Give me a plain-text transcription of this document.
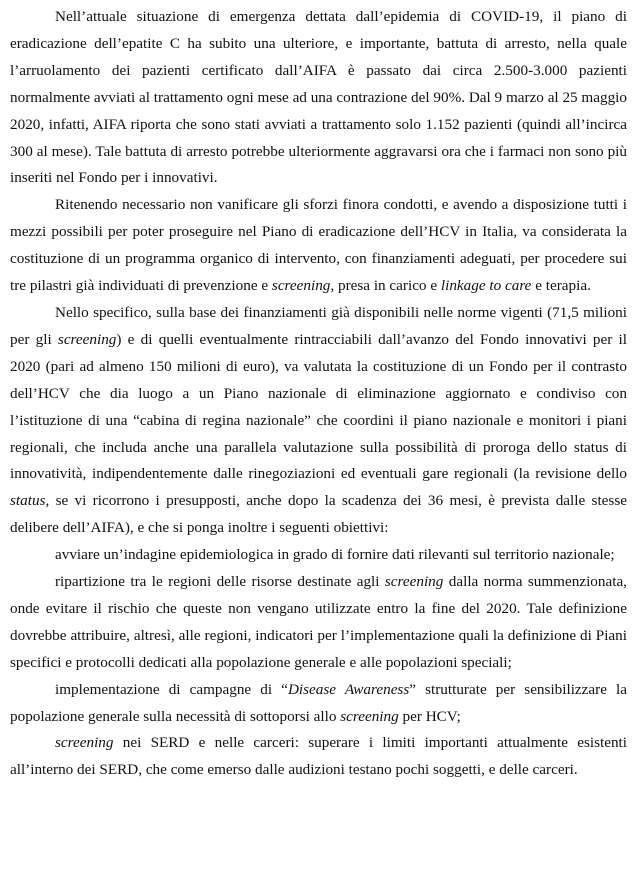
Nell’attuale situazione di emergenza dettata dall’epidemia di COVID-19, il piano di eradicazione dell’epatite C ha subito una ulteriore, e importante, battuta di arresto, nella quale l’arruolamento dei pazienti certificato dall’AIFA è passato dai circa 2.500-3.000 pazienti normalmente avviati al trattamento ogni mese ad una contrazione del 90%. Dal 9 marzo al 25 maggio 2020, infatti, AIFA riporta che sono stati avviati a trattamento solo 1.152 pazienti (quindi all’incirca 300 al mese). Tale battuta di arresto potrebbe ulteriormente aggravarsi ora che i farmaci non sono più inseriti nel Fondo per i innovativi.

Ritenendo necessario non vanificare gli sforzi finora condotti, e avendo a disposizione tutti i mezzi possibili per poter proseguire nel Piano di eradicazione dell’HCV in Italia, va considerata la costituzione di un programma organico di intervento, con finanziamenti adeguati, per procedere sui tre pilastri già individuati di prevenzione e screening, presa in carico e linkage to care e terapia.

Nello specifico, sulla base dei finanziamenti già disponibili nelle norme vigenti (71,5 milioni per gli screening) e di quelli eventualmente rintracciabili dall’avanzo del Fondo innovativi per il 2020 (pari ad almeno 150 milioni di euro), va valutata la costituzione di un Fondo per il contrasto dell’HCV che dia luogo a un Piano nazionale di eliminazione aggiornato e condiviso con l’istituzione di una “cabina di regina nazionale” che coordini il piano nazionale e monitori i piani regionali, che includa anche una parallela valutazione sulla possibilità di proroga dello status di innovatività, indipendentemente dalle rinegoziazioni ed eventuali gare regionali (la revisione dello status, se vi ricorrono i presupposti, anche dopo la scadenza dei 36 mesi, è prevista dalle stesse delibere dell’AIFA), e che si ponga inoltre i seguenti obiettivi:

avviare un’indagine epidemiologica in grado di fornire dati rilevanti sul territorio nazionale;

ripartizione tra le regioni delle risorse destinate agli screening dalla norma summenzionata, onde evitare il rischio che queste non vengano utilizzate entro la fine del 2020. Tale definizione dovrebbe attribuire, altresì, alle regioni, indicatori per l’implementazione quali la definizione di Piani specifici e protocolli dedicati alla popolazione generale e alle popolazioni speciali;

implementazione di campagne di “Disease Awareness” strutturate per sensibilizzare la popolazione generale sulla necessità di sottoporsi allo screening per HCV;

screening nei SERD e nelle carceri: superare i limiti importanti attualmente esistenti all’interno dei SERD, che come emerso dalle audizioni testano pochi soggetti, e delle carceri.
